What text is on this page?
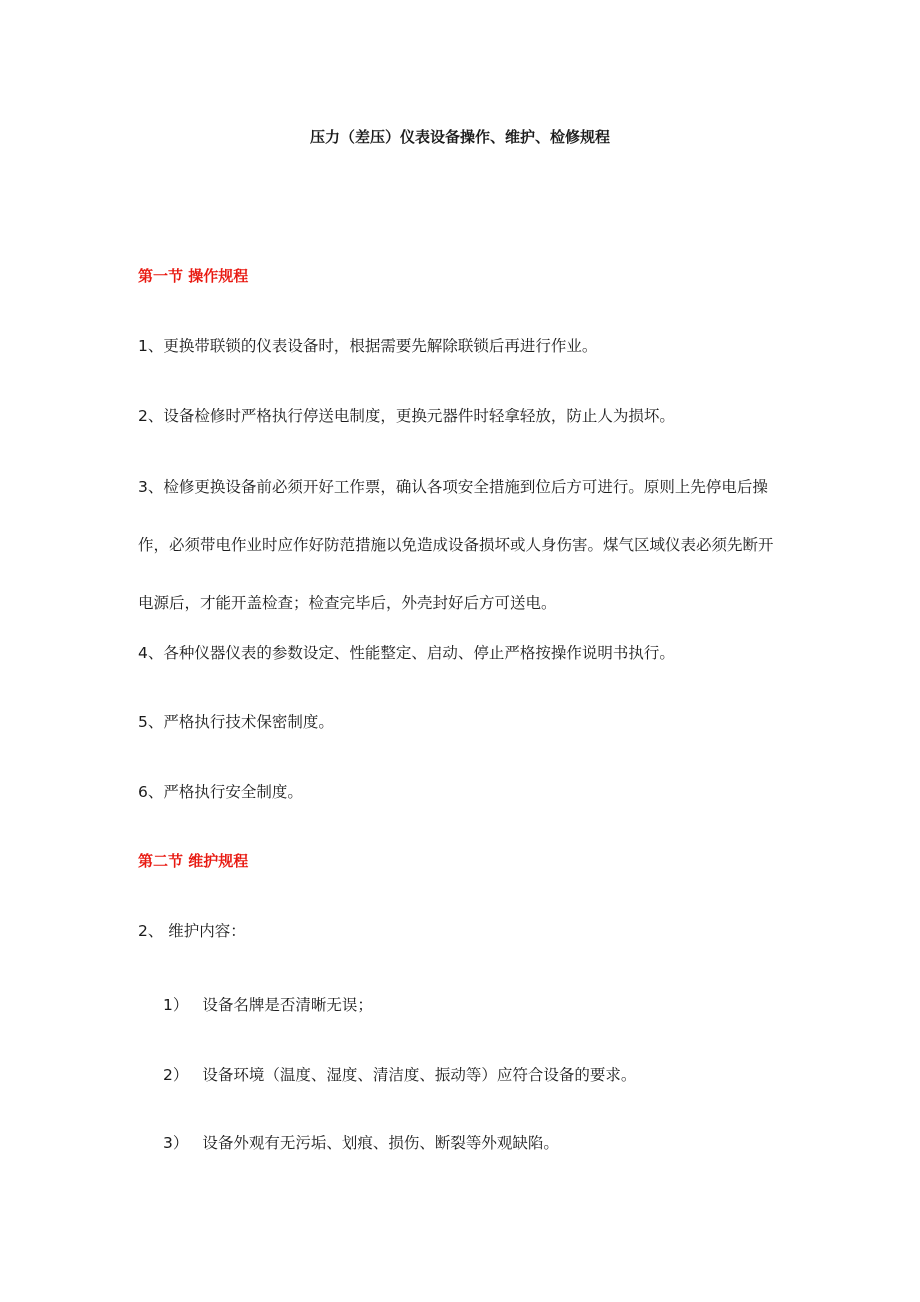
压力（差压）仪表设备操作、维护、检修规程
第一节 操作规程
1、更换带联锁的仪表设备时，根据需要先解除联锁后再进行作业。
2、设备检修时严格执行停送电制度，更换元器件时轻拿轻放，防止人为损坏。
3、检修更换设备前必须开好工作票，确认各项安全措施到位后方可进行。原则上先停电后操作，必须带电作业时应作好防范措施以免造成设备损坏或人身伤害。煤气区域仪表必须先断开电源后，才能开盖检查；检查完毕后，外壳封好后方可送电。
4、各种仪器仪表的参数设定、性能整定、启动、停止严格按操作说明书执行。
5、严格执行技术保密制度。
6、严格执行安全制度。
第二节 维护规程
2、 维护内容：
1） 设备名牌是否清晰无误；
2） 设备环境（温度、湿度、清洁度、振动等）应符合设备的要求。
3） 设备外观有无污垢、划痕、损伤、断裂等外观缺陷。
